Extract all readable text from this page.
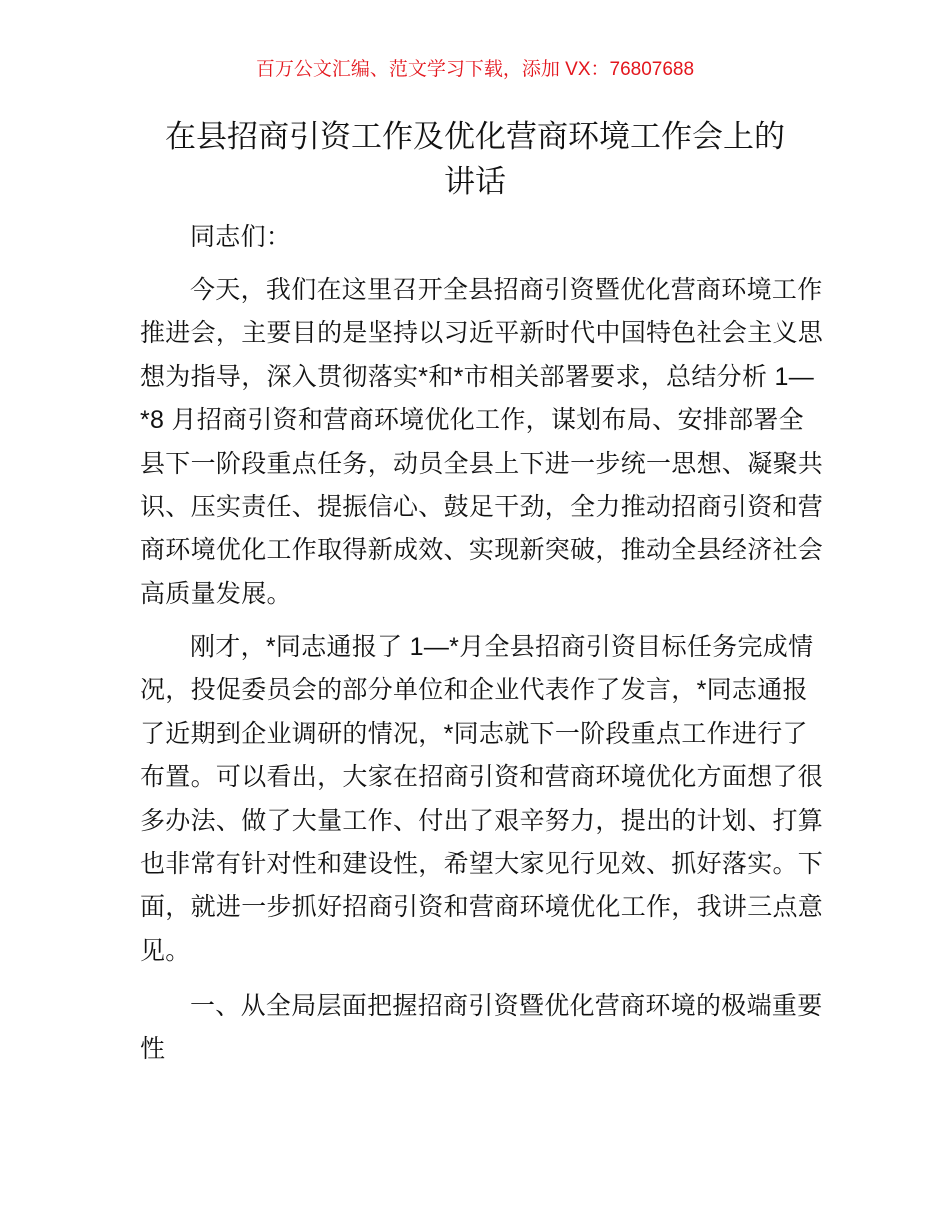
百万公文汇编、范文学习下载，添加 VX：76807688
在县招商引资工作及优化营商环境工作会上的
讲话
同志们：
今天，我们在这里召开全县招商引资暨优化营商环境工作
推进会，主要目的是坚持以习近平新时代中国特色社会主义思
想为指导，深入贯彻落实*和*市相关部署要求，总结分析 1—
*8 月招商引资和营商环境优化工作，谋划布局、安排部署全
县下一阶段重点任务，动员全县上下进一步统一思想、凝聚共
识、压实责任、提振信心、鼓足干劲，全力推动招商引资和营
商环境优化工作取得新成效、实现新突破，推动全县经济社会
高质量发展。
刚才，*同志通报了 1—*月全县招商引资目标任务完成情
况，投促委员会的部分单位和企业代表作了发言，*同志通报
了近期到企业调研的情况，*同志就下一阶段重点工作进行了
布置。可以看出，大家在招商引资和营商环境优化方面想了很
多办法、做了大量工作、付出了艰辛努力，提出的计划、打算
也非常有针对性和建设性，希望大家见行见效、抓好落实。下
面，就进一步抓好招商引资和营商环境优化工作，我讲三点意
见。
一、从全局层面把握招商引资暨优化营商环境的极端重要
性
